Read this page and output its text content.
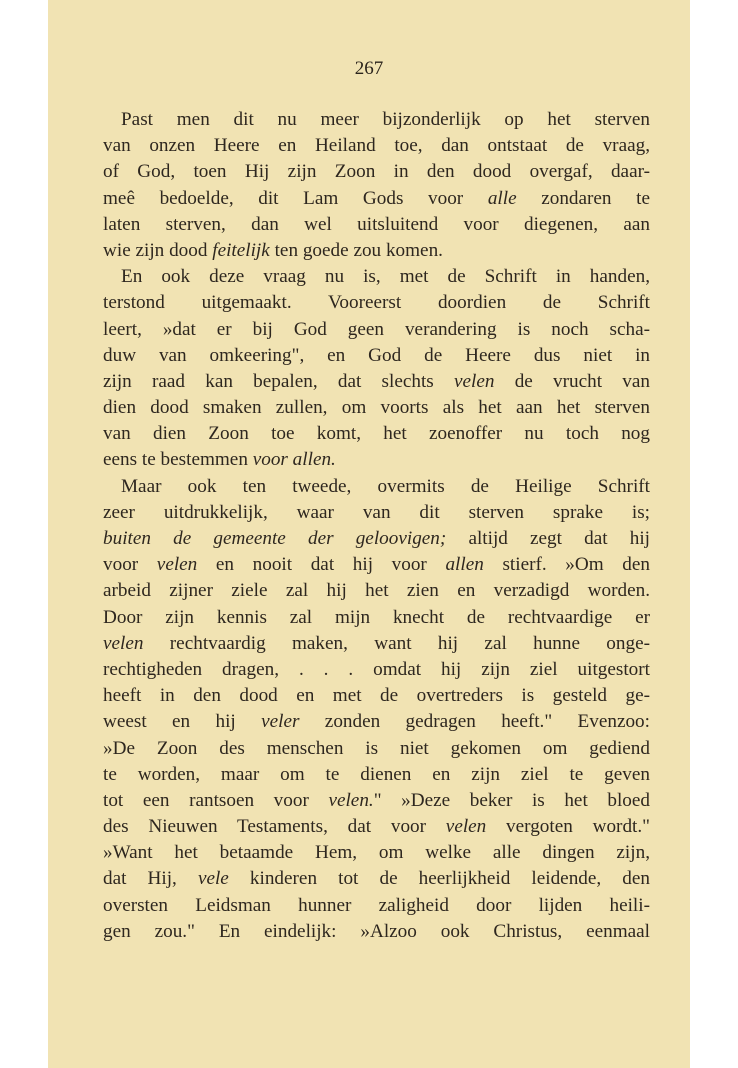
267
Past men dit nu meer bijzonderlijk op het sterven
van onzen Heere en Heiland toe, dan ontstaat de vraag,
of God, toen Hij zijn Zoon in den dood overgaf, daar-
meê bedoelde, dit Lam Gods voor alle zondaren te
laten sterven, dan wel uitsluitend voor diegenen, aan
wie zijn dood feitelijk ten goede zou komen.
En ook deze vraag nu is, met de Schrift in handen,
terstond uitgemaakt. Vooreerst doordien de Schrift
leert, »dat er bij God geen verandering is noch scha-
duw van omkeering", en God de Heere dus niet in
zijn raad kan bepalen, dat slechts velen de vrucht van
dien dood smaken zullen, om voorts als het aan het sterven
van dien Zoon toe komt, het zoenoffer nu toch nog
eens te bestemmen voor allen.
Maar ook ten tweede, overmits de Heilige Schrift
zeer uitdrukkelijk, waar van dit sterven sprake is;
buiten de gemeente der geloovigen; altijd zegt dat hij
voor velen en nooit dat hij voor allen stierf. »Om den
arbeid zijner ziele zal hij het zien en verzadigd worden.
Door zijn kennis zal mijn knecht de rechtvaardige er
velen rechtvaardig maken, want hij zal hunne onge-
rechtigheden dragen, . . . omdat hij zijn ziel uitgestort
heeft in den dood en met de overtreders is gesteld ge-
weest en hij veler zonden gedragen heeft." Evenzoo:
»De Zoon des menschen is niet gekomen om gediend
te worden, maar om te dienen en zijn ziel te geven
tot een rantsoen voor velen." »Deze beker is het bloed
des Nieuwen Testaments, dat voor velen vergoten wordt."
»Want het betaamde Hem, om welke alle dingen zijn,
dat Hij, vele kinderen tot de heerlijkheid leidende, den
oversten Leidsman hunner zaligheid door lijden heili-
gen zou." En eindelijk: »Alzoo ook Christus, eenmaal
